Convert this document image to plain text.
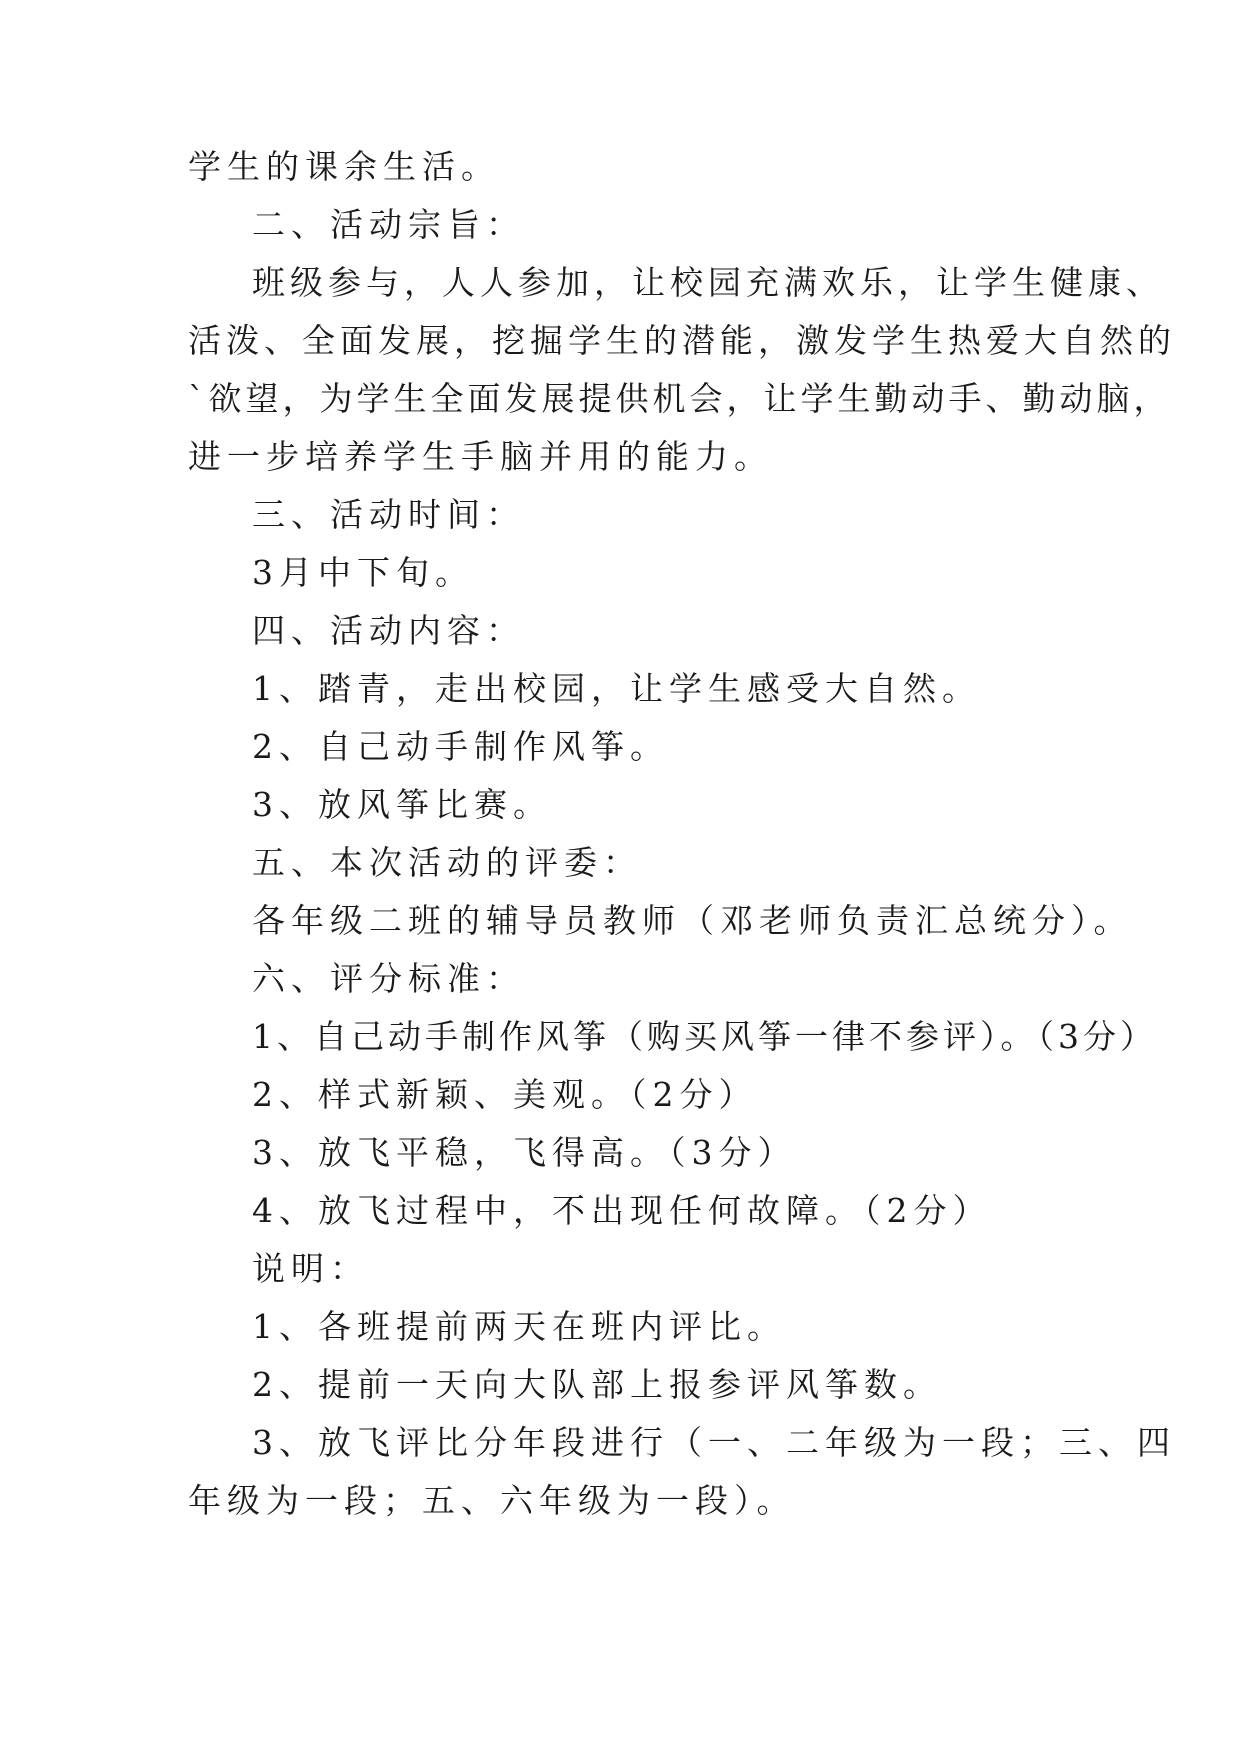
学生的课余生活。
二、活动宗旨：
班级参与，人人参加，让校园充满欢乐，让学生健康、
活泼、全面发展，挖掘学生的潜能，激发学生热爱大自然的
`欲望，为学生全面发展提供机会，让学生勤动手、勤动脑，
进一步培养学生手脑并用的能力。
三、活动时间：
3月中下旬。
四、活动内容：
1、踏青，走出校园，让学生感受大自然。
2、自己动手制作风筝。
3、放风筝比赛。
五、本次活动的评委：
各年级二班的辅导员教师（邓老师负责汇总统分）。
六、评分标准：
1、自己动手制作风筝（购买风筝一律不参评）。（3分）
2、样式新颖、美观。（2分）
3、放飞平稳，飞得高。（3分）
4、放飞过程中，不出现任何故障。（2分）
说明：
1、各班提前两天在班内评比。
2、提前一天向大队部上报参评风筝数。
3、放飞评比分年段进行（一、二年级为一段；三、四
年级为一段；五、六年级为一段）。
